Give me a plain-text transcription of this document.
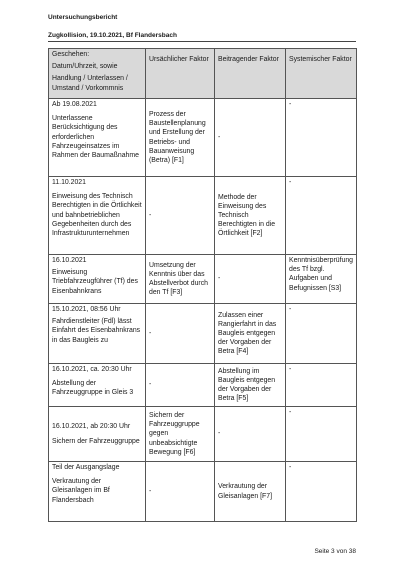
Untersuchungsbericht
Zugkollision, 19.10.2021, Bf Flandersbach
Geschehen:
Datum/Uhrzeit, sowie
Handlung / Unterlassen / Umstand / Vorkommnis	Ursächlicher Faktor	Beitragender Faktor	Systemischer Faktor

Ab 19.08.2021
Unterlassene Berücksichtigung des erforderlichen Fahrzeugeinsatzes im Rahmen der Baumaßnahme	Prozess der Baustellenplanung und Erstellung der Betriebs- und Bauanweisung (Betra) [F1]	-	-

11.10.2021
Einweisung des Technisch Berechtigten in die Örtlichkeit und bahnbetrieblichen Gegebenheiten durch des Infrastrukturunternehmen	-	Methode der Einweisung des Technisch Berechtigten in die Örtlichkeit [F2]	-

16.10.2021
Einweisung Triebfahrzeugführer (Tf) des Eisenbahnkrans	Umsetzung der Kenntnis über das Abstellverbot durch den Tf [F3]	-	Kenntnisüberprüfung des Tf bzgl. Aufgaben und Befugnissen [S3]

15.10.2021, 08:56 Uhr
Fahrdienstleiter (Fdl) lässt Einfahrt des Eisenbahnkrans in das Baugleis zu	-	Zulassen einer Rangierfahrt in das Baugleis entgegen der Vorgaben der Betra [F4]	-

16.10.2021, ca. 20:30 Uhr
Abstellung der Fahrzeuggruppe in Gleis 3	-	Abstellung im Baugleis entgegen der Vorgaben der Betra [F5]	-

16.10.2021, ab 20:30 Uhr
Sichern der Fahrzeuggruppe	Sichern der Fahrzeuggruppe gegen unbeabsichtigte Bewegung [F6]	-	-

Teil der Ausgangslage
Verkrautung der Gleisanlagen im Bf Flandersbach	-	Verkrautung der Gleisanlagen [F7]	-
Seite 3 von 38
